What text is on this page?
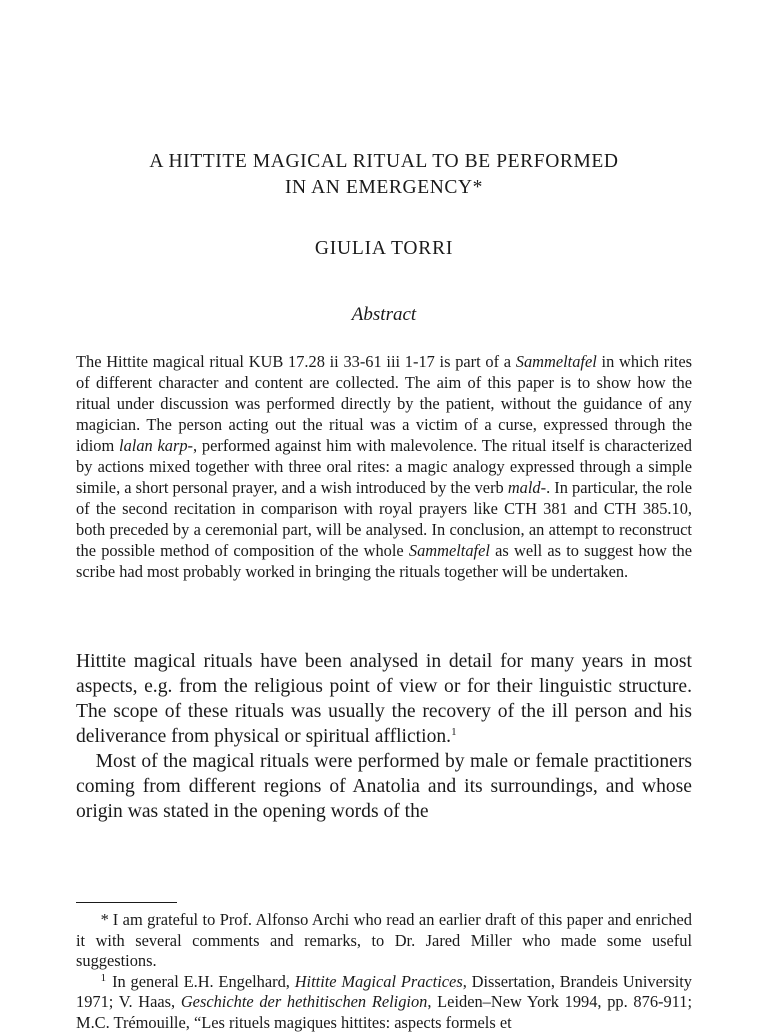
A HITTITE MAGICAL RITUAL TO BE PERFORMED
IN AN EMERGENCY*
GIULIA TORRI
Abstract

The Hittite magical ritual KUB 17.28 ii 33-61 iii 1-17 is part of a Sammeltafel in which rites of different character and content are collected. The aim of this paper is to show how the ritual under discussion was performed directly by the patient, without the guidance of any magician. The person acting out the ritual was a victim of a curse, expressed through the idiom lalan karp-, performed against him with malevolence. The ritual itself is characterized by actions mixed together with three oral rites: a magic analogy expressed through a simple simile, a short personal prayer, and a wish introduced by the verb mald-. In particular, the role of the second recitation in comparison with royal prayers like CTH 381 and CTH 385.10, both preceded by a ceremonial part, will be analysed. In conclusion, an attempt to reconstruct the possible method of composition of the whole Sammeltafel as well as to suggest how the scribe had most probably worked in bringing the rituals together will be undertaken.

Hittite magical rituals have been analysed in detail for many years in most aspects, e.g. from the religious point of view or for their linguistic structure. The scope of these rituals was usually the recovery of the ill person and his deliverance from physical or spiritual affliction.$^1$

Most of the magical rituals were performed by male or female practitioners coming from different regions of Anatolia and its surroundings, and whose origin was stated in the opening words of the

* I am grateful to Prof. Alfonso Archi who read an earlier draft of this paper and enriched it with several comments and remarks, to Dr. Jared Miller who made some useful suggestions.

$^1$ In general E.H. Engelhard, Hittite Magical Practices, Dissertation, Brandeis University 1971; V. Haas, Geschichte der hethitischen Religion, Leiden–New York 1994, pp. 876-911; M.C. Trémouille, “Les rituels magiques hittites: aspects formels et
